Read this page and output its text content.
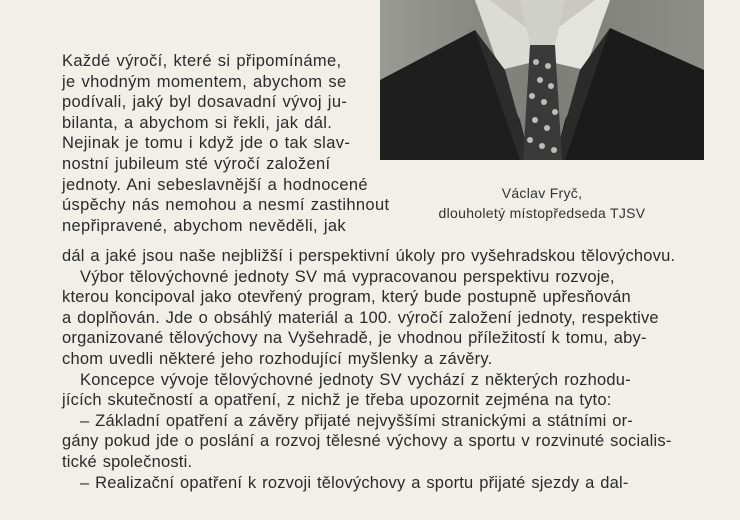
Václav Fryč,
dlouholetý místopředseda TJSV
Každé výročí, které si připomínáme,
je vhodným momentem, abychom se
podívali, jaký byl dosavadní vývoj ju-
bilanta, a abychom si řekli, jak dál.
Nejinak je tomu i když jde o tak slav-
nostní jubileum sté výročí založení
jednoty. Ani sebeslavnější a hodnocené
úspěchy nás nemohou a nesmí zastihnout
nepřipravené, abychom nevěděli, jak
dál a jaké jsou naše nejbližší i perspektivní úkoly pro vyšehradskou tělovýchovu.
Výbor tělovýchovné jednoty SV má vypracovanou perspektivu rozvoje,
kterou koncipoval jako otevřený program, který bude postupně upřesňován
a doplňován. Jde o obsáhlý materiál a 100. výročí založení jednoty, respektive
organizované tělovýchovy na Vyšehradě, je vhodnou příležitostí k tomu, aby-
chom uvedli některé jeho rozhodující myšlenky a závěry.
Koncepce vývoje tělovýchovné jednoty SV vychází z některých rozhodu-
jících skutečností a opatření, z nichž je třeba upozornit zejména na tyto:
– Základní opatření a závěry přijaté nejvyššími stranickými a státními or-
gány pokud jde o poslání a rozvoj tělesné výchovy a sportu v rozvinuté socialis-
tické společnosti.
– Realizační opatření k rozvoji tělovýchovy a sportu přijaté sjezdy a dal-
